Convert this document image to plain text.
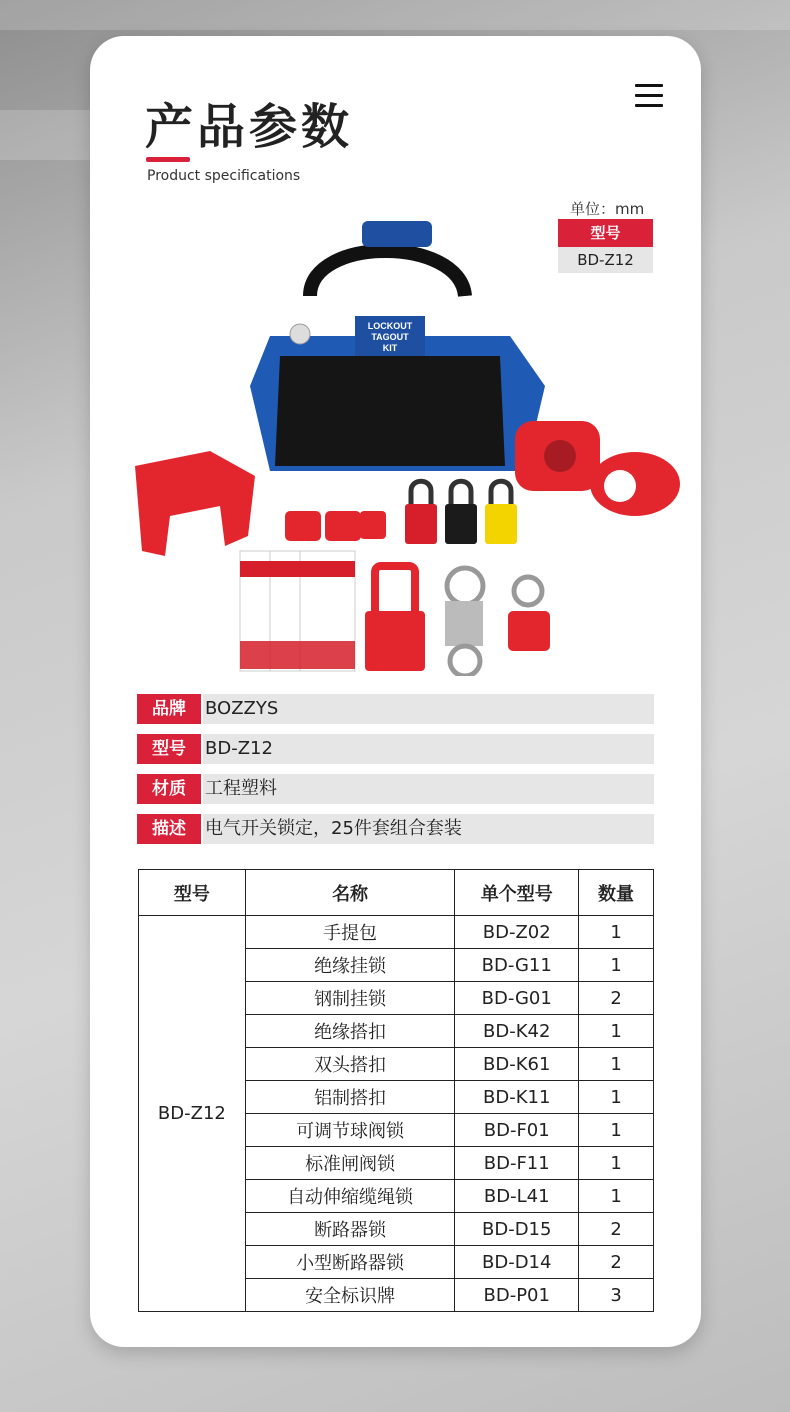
产品参数
Product specifications
单位：mm
型号
BD-Z12
LOCKOUT
TAGOUT
KIT
品牌	BOZZYS
型号	BD-Z12
材质	工程塑料
描述	电气开关锁定，25件套组合套装
型号	名称	单个型号	数量
BD-Z12	手提包	BD-Z02	1
	绝缘挂锁	BD-G11	1
	钢制挂锁	BD-G01	2
	绝缘搭扣	BD-K42	1
	双头搭扣	BD-K61	1
	铝制搭扣	BD-K11	1
	可调节球阀锁	BD-F01	1
	标准闸阀锁	BD-F11	1
	自动伸缩缆绳锁	BD-L41	1
	断路器锁	BD-D15	2
	小型断路器锁	BD-D14	2
	安全标识牌	BD-P01	3
